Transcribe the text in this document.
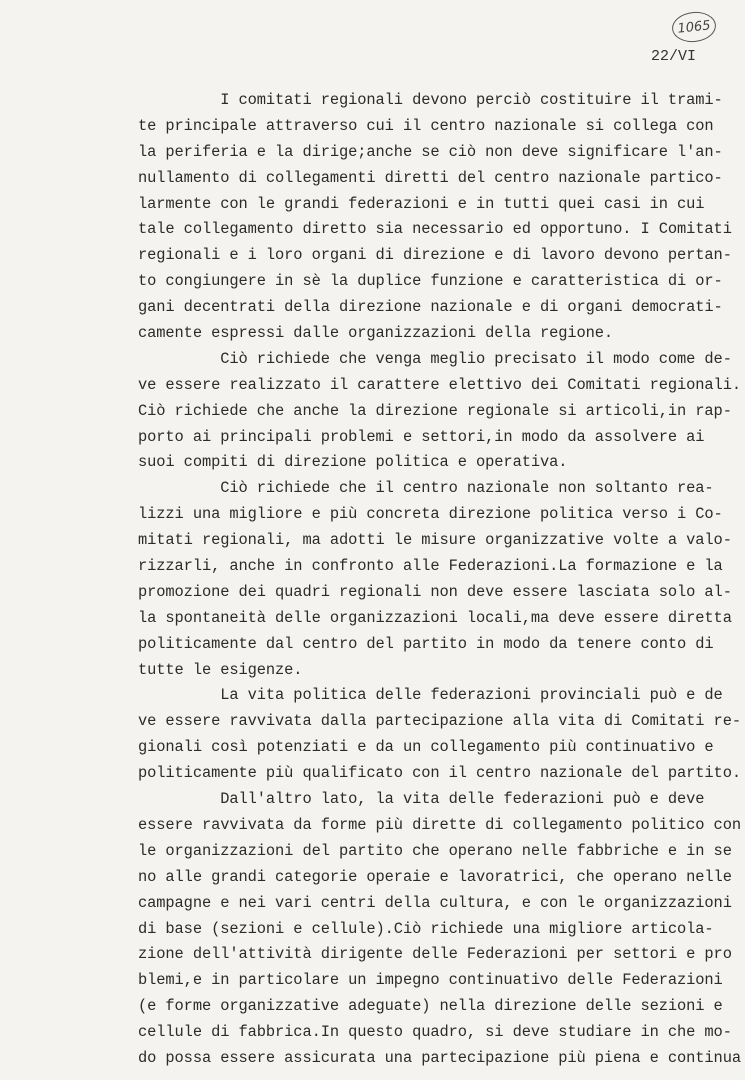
1065
22/VI
I comitati regionali devono perciò costituire il trami-
te principale attraverso cui il centro nazionale si collega con
la periferia e la dirige;anche se ciò non deve significare l'an-
nullamento di collegamenti diretti del centro nazionale partico-
larmente con le grandi federazioni e in tutti quei casi in cui
tale collegamento diretto sia necessario ed opportuno. I Comitati
regionali e i loro organi di direzione e di lavoro devono pertan-
to congiungere in sè la duplice funzione e caratteristica di or-
gani decentrati della direzione nazionale e di organi democrati-
camente espressi dalle organizzazioni della regione.
Ciò richiede che venga meglio precisato il modo come de-
ve essere realizzato il carattere elettivo dei Comitati regionali.
Ciò richiede che anche la direzione regionale si articoli,in rap-
porto ai principali problemi e settori,in modo da assolvere ai
suoi compiti di direzione politica e operativa.
Ciò richiede che il centro nazionale non soltanto rea-
lizzi una migliore e più concreta direzione politica verso i Co-
mitati regionali, ma adotti le misure organizzative volte a valo-
rizzarli, anche in confronto alle Federazioni.La formazione e la
promozione dei quadri regionali non deve essere lasciata solo al-
la spontaneità delle organizzazioni locali,ma deve essere diretta
politicamente dal centro del partito in modo da tenere conto di
tutte le esigenze.
La vita politica delle federazioni provinciali può e de
ve essere ravvivata dalla partecipazione alla vita di Comitati re-
gionali così potenziati e da un collegamento più continuativo e
politicamente più qualificato con il centro nazionale del partito.
Dall'altro lato, la vita delle federazioni può e deve
essere ravvivata da forme più dirette di collegamento politico con
le organizzazioni del partito che operano nelle fabbriche e in se
no alle grandi categorie operaie e lavoratrici, che operano nelle
campagne e nei vari centri della cultura, e con le organizzazioni
di base (sezioni e cellule).Ciò richiede una migliore articola-
zione dell'attività dirigente delle Federazioni per settori e pro
blemi,e in particolare un impegno continuativo delle Federazioni
(e forme organizzative adeguate) nella direzione delle sezioni e
cellule di fabbrica.In questo quadro, si deve studiare in che mo-
do possa essere assicurata una partecipazione più piena e continua
